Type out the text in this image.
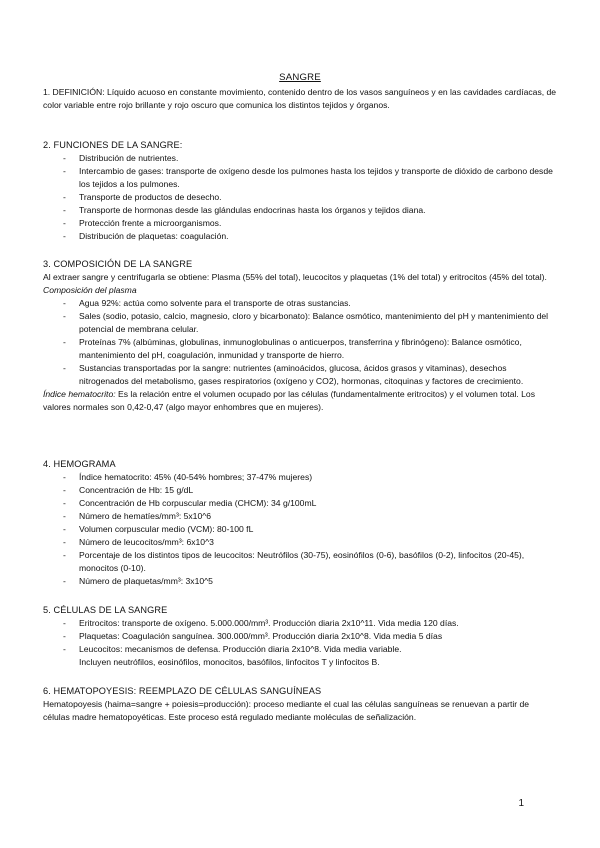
SANGRE

1. DEFINICIÓN: Líquido acuoso en constante movimiento, contenido dentro de los vasos sanguíneos y en las cavidades cardíacas, de color variable entre rojo brillante y rojo oscuro que comunica los distintos tejidos y órganos.

2. FUNCIONES DE LA SANGRE:

- Distribución de nutrientes.
- Intercambio de gases: transporte de oxígeno desde los pulmones hasta los tejidos y transporte de dióxido de carbono desde los tejidos a los pulmones.
- Transporte de productos de desecho.
- Transporte de hormonas desde las glándulas endocrinas hasta los órganos y tejidos diana.
- Protección frente a microorganismos.
- Distribución de plaquetas: coagulación.

3. COMPOSICIÓN DE LA SANGRE

Al extraer sangre y centrifugarla se obtiene: Plasma (55% del total), leucocitos y plaquetas (1% del total) y eritrocitos (45% del total).

Composición del plasma

- Agua 92%: actúa como solvente para el transporte de otras sustancias.
- Sales (sodio, potasio, calcio, magnesio, cloro y bicarbonato): Balance osmótico, mantenimiento del pH y mantenimiento del potencial de membrana celular.
- Proteínas 7% (albúminas, globulinas, inmunoglobulinas o anticuerpos, transferrina y fibrinógeno): Balance osmótico, mantenimiento del pH, coagulación, inmunidad y transporte de hierro.
- Sustancias transportadas por la sangre: nutrientes (aminoácidos, glucosa, ácidos grasos y vitaminas), desechos nitrogenados del metabolismo, gases respiratorios (oxígeno y CO2), hormonas, citoquinas y factores de crecimiento.

Índice hematocrito: Es la relación entre el volumen ocupado por las células (fundamentalmente eritrocitos) y el volumen total. Los valores normales son 0,42-0,47 (algo mayor enhombres que en mujeres).

4. HEMOGRAMA

- Índice hematocrito: 45% (40-54% hombres; 37-47% mujeres)
- Concentración de Hb: 15 g/dL
- Concentración de Hb corpuscular media (CHCM): 34 g/100mL
- Número de hematíes/mm³: 5x10^6
- Volumen corpuscular medio (VCM): 80-100 fL
- Número de leucocitos/mm³: 6x10^3
- Porcentaje de los distintos tipos de leucocitos: Neutrófilos (30-75), eosinófilos (0-6), basófilos (0-2), linfocitos (20-45), monocitos (0-10).
- Número de plaquetas/mm³: 3x10^5

5. CÉLULAS DE LA SANGRE

- Eritrocitos: transporte de oxígeno. 5.000.000/mm³. Producción diaria 2x10^11. Vida media 120 días.
- Plaquetas: Coagulación sanguínea. 300.000/mm³. Producción diaria 2x10^8. Vida media 5 días
- Leucocitos: mecanismos de defensa. Producción diaria 2x10^8. Vida media variable. Incluyen neutrófilos, eosinófilos, monocitos, basófilos, linfocitos T y linfocitos B.

6. HEMATOPOYESIS: REEMPLAZO DE CÉLULAS SANGUÍNEAS

Hematopoyesis (haima=sangre + poiesis=producción): proceso mediante el cual las células sanguíneas se renuevan a partir de células madre hematopoyéticas. Este proceso está regulado mediante moléculas de señalización.

1
